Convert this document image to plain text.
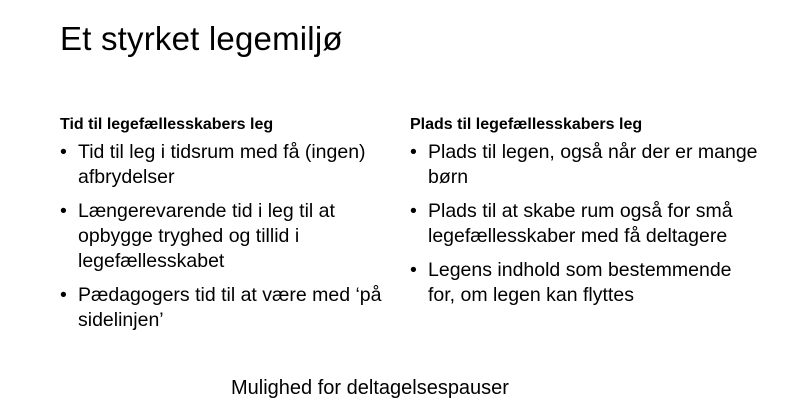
Et styrket legemiljø
Tid til legefællesskabers leg
• Tid til leg i tidsrum med få (ingen) afbrydelser
• Længerevarende tid i leg til at opbygge tryghed og tillid i legefællesskabet
• Pædagogers tid til at være med ‘på sidelinjen’
Plads til legefællesskabers leg
• Plads til legen, også når der er mange børn
• Plads til at skabe rum også for små legefællesskaber med få deltagere
• Legens indhold som bestemmende for, om legen kan flyttes
Mulighed for deltagelsespauser
